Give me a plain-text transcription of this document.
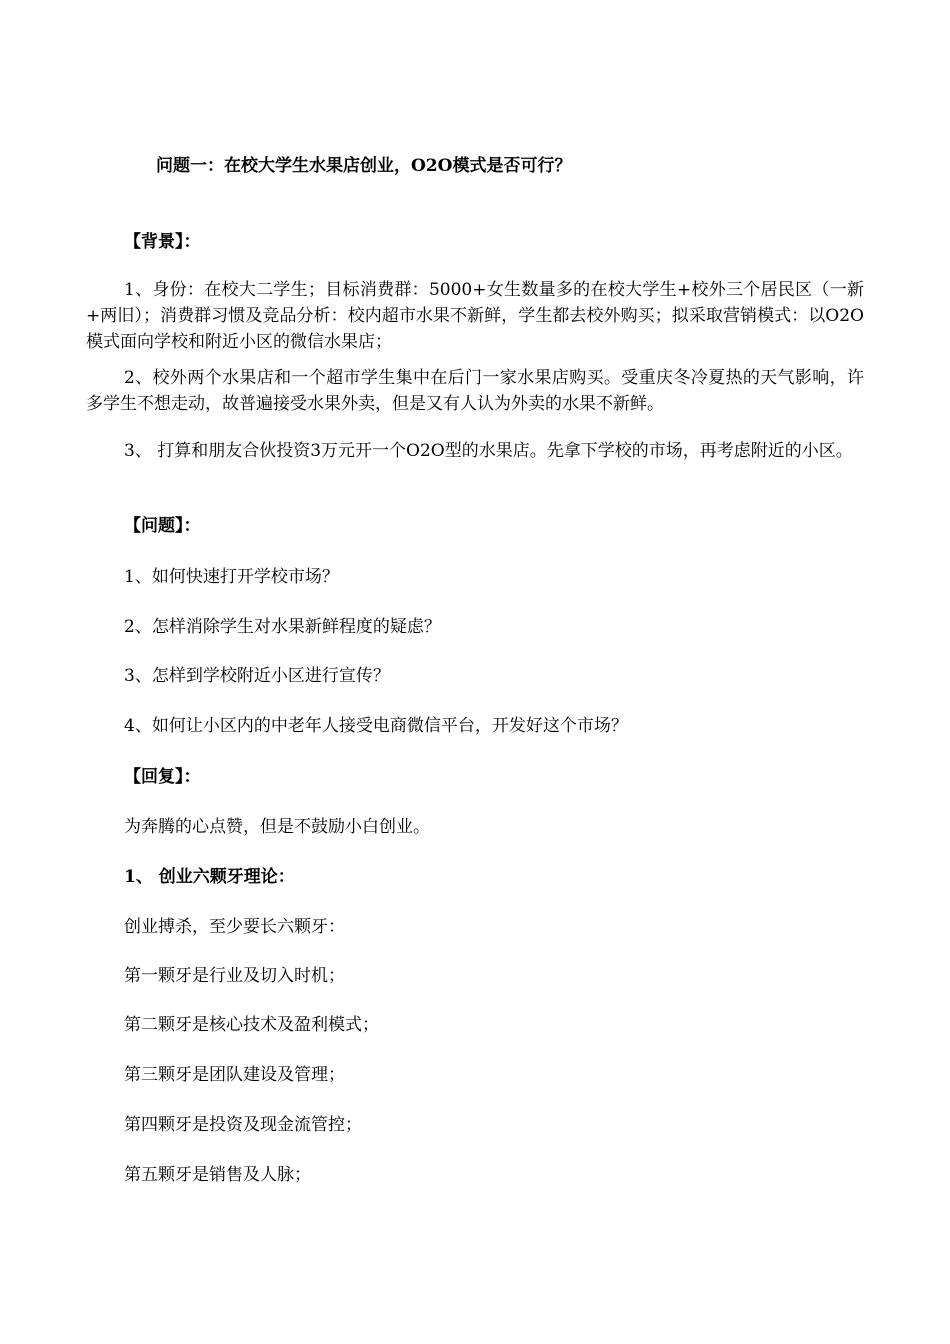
问题一：在校大学生水果店创业，O2O模式是否可行？
【背景】：
1、身份：在校大二学生；目标消费群：5000+女生数量多的在校大学生+校外三个居民区（一新+两旧）；消费群习惯及竞品分析：校内超市水果不新鲜，学生都去校外购买；拟采取营销模式：以O2O模式面向学校和附近小区的微信水果店；
2、校外两个水果店和一个超市学生集中在后门一家水果店购买。受重庆冬冷夏热的天气影响，许多学生不想走动，故普遍接受水果外卖，但是又有人认为外卖的水果不新鲜。
3、 打算和朋友合伙投资3万元开一个O2O型的水果店。先拿下学校的市场，再考虑附近的小区。
【问题】：
1、如何快速打开学校市场？
2、怎样消除学生对水果新鲜程度的疑虑？
3、怎样到学校附近小区进行宣传？
4、如何让小区内的中老年人接受电商微信平台，开发好这个市场？
【回复】：
为奔腾的心点赞，但是不鼓励小白创业。
1、 创业六颗牙理论：
创业搏杀，至少要长六颗牙：
第一颗牙是行业及切入时机；
第二颗牙是核心技术及盈利模式；
第三颗牙是团队建设及管理；
第四颗牙是投资及现金流管控；
第五颗牙是销售及人脉；
